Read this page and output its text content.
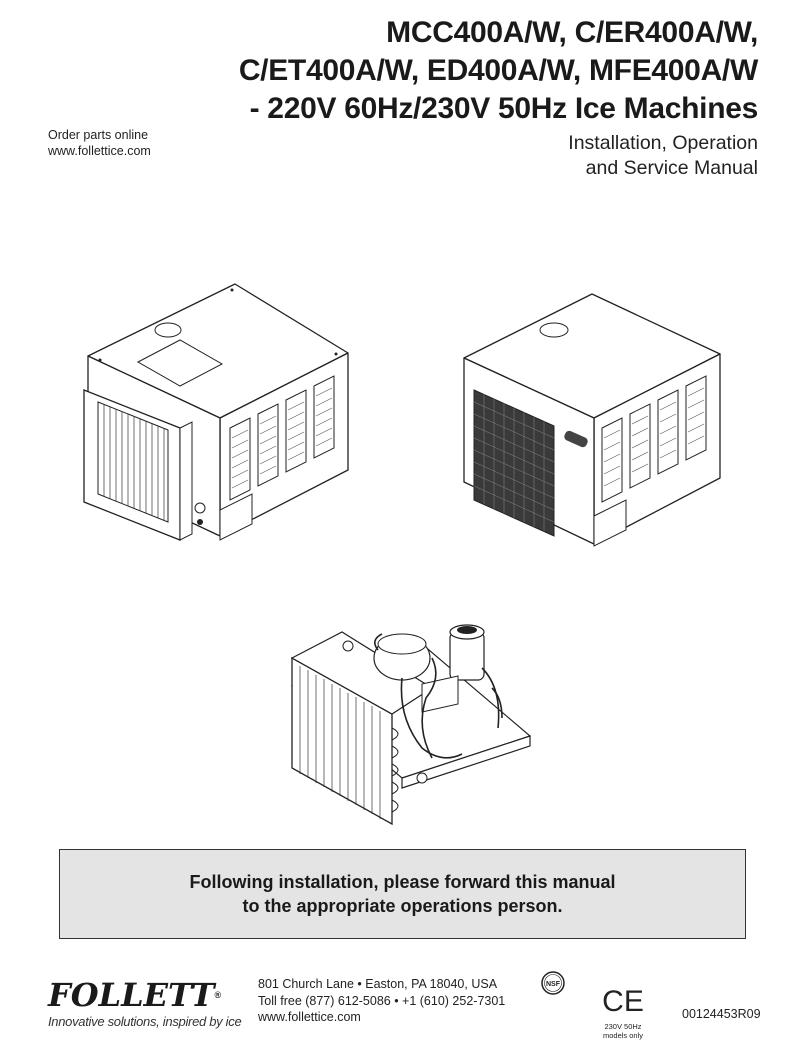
MCC400A/W, C/ER400A/W,
C/ET400A/W, ED400A/W, MFE400A/W
- 220V 60Hz/230V 50Hz Ice Machines
Order parts online
www.follettice.com	Installation, Operation
and Service Manual
Following installation, please forward this manual
to the appropriate operations person.
FOLLETT®
Innovative solutions, inspired by ice
801 Church Lane • Easton, PA 18040, USA
Toll free (877) 612-5086 • +1 (610) 252-7301
www.follettice.com
NSF
CE
230V 50Hz
models only
00124453R09
